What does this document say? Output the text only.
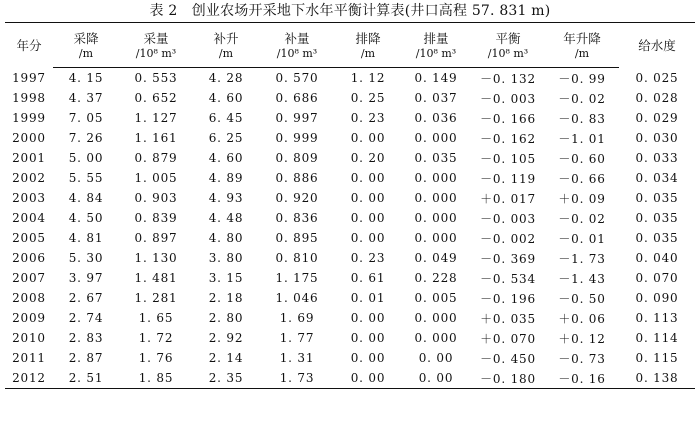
表 2　创业农场开采地下水年平衡计算表(井口高程 57. 831 m)
年分	采降	采量	补升	补量	排降	排量	平衡	年升降	给水度
	/m	/10⁸ m³	/m	/10⁸ m³	/m	/10⁸ m³	/10⁸ m³	/m	
1997	4. 15	0. 553	4. 28	0. 570	1. 12	0. 149	－0. 132	－0. 99	0. 025
1998	4. 37	0. 652	4. 60	0. 686	0. 25	0. 037	－0. 003	－0. 02	0. 028
1999	7. 05	1. 127	6. 45	0. 997	0. 23	0. 036	－0. 166	－0. 83	0. 029
2000	7. 26	1. 161	6. 25	0. 999	0. 00	0. 000	－0. 162	－1. 01	0. 030
2001	5. 00	0. 879	4. 60	0. 809	0. 20	0. 035	－0. 105	－0. 60	0. 033
2002	5. 55	1. 005	4. 89	0. 886	0. 00	0. 000	－0. 119	－0. 66	0. 034
2003	4. 84	0. 903	4. 93	0. 920	0. 00	0. 000	＋0. 017	＋0. 09	0. 035
2004	4. 50	0. 839	4. 48	0. 836	0. 00	0. 000	－0. 003	－0. 02	0. 035
2005	4. 81	0. 897	4. 80	0. 895	0. 00	0. 000	－0. 002	－0. 01	0. 035
2006	5. 30	1. 130	3. 80	0. 810	0. 23	0. 049	－0. 369	－1. 73	0. 040
2007	3. 97	1. 481	3. 15	1. 175	0. 61	0. 228	－0. 534	－1. 43	0. 070
2008	2. 67	1. 281	2. 18	1. 046	0. 01	0. 005	－0. 196	－0. 50	0. 090
2009	2. 74	1. 65	2. 80	1. 69	0. 00	0. 000	＋0. 035	＋0. 06	0. 113
2010	2. 83	1. 72	2. 92	1. 77	0. 00	0. 000	＋0. 070	＋0. 12	0. 114
2011	2. 87	1. 76	2. 14	1. 31	0. 00	0. 00	－0. 450	－0. 73	0. 115
2012	2. 51	1. 85	2. 35	1. 73	0. 00	0. 00	－0. 180	－0. 16	0. 138
